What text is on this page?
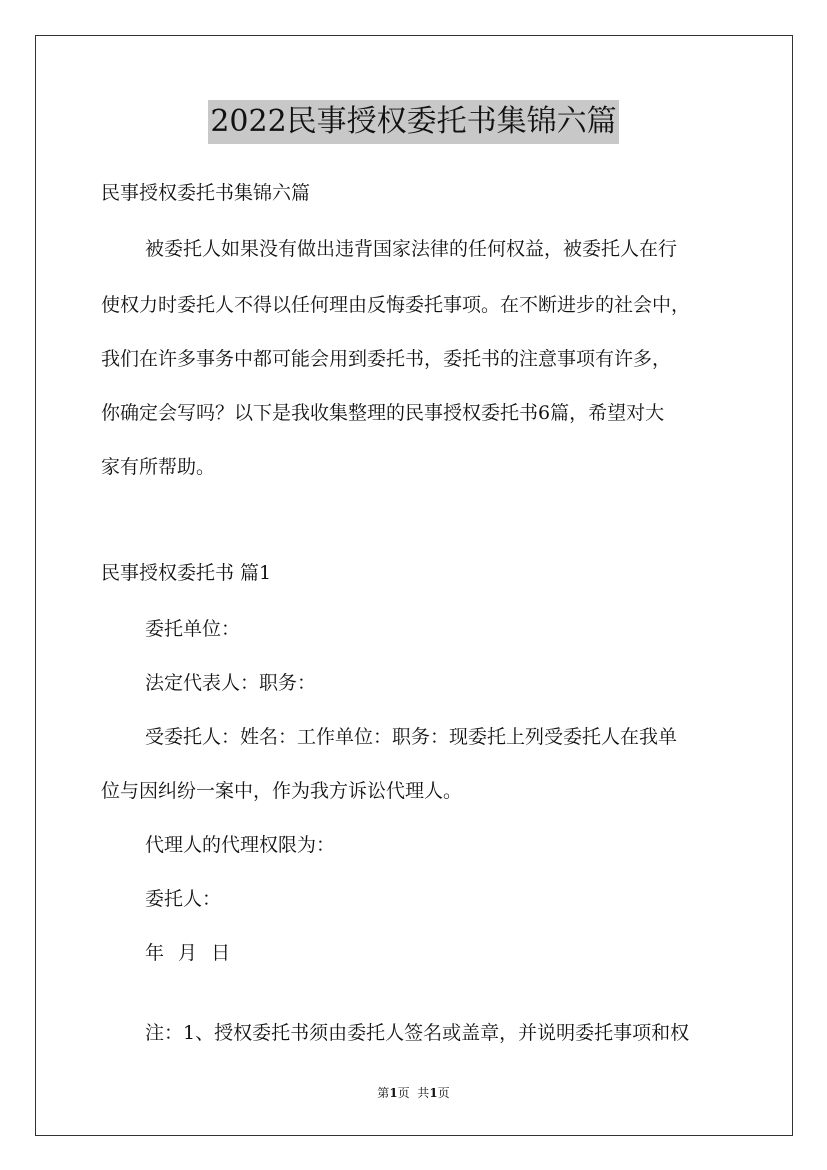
2022民事授权委托书集锦六篇
民事授权委托书集锦六篇
被委托人如果没有做出违背国家法律的任何权益，被委托人在行
使权力时委托人不得以任何理由反悔委托事项。在不断进步的社会中，
我们在许多事务中都可能会用到委托书，委托书的注意事项有许多，
你确定会写吗？以下是我收集整理的民事授权委托书6篇，希望对大
家有所帮助。
民事授权委托书 篇1
委托单位：
法定代表人：职务：
受委托人：姓名：工作单位：职务：现委托上列受委托人在我单
位与因纠纷一案中，作为我方诉讼代理人。
代理人的代理权限为：
委托人：
年 月 日
注：1、授权委托书须由委托人签名或盖章，并说明委托事项和权
第1页  共1页
